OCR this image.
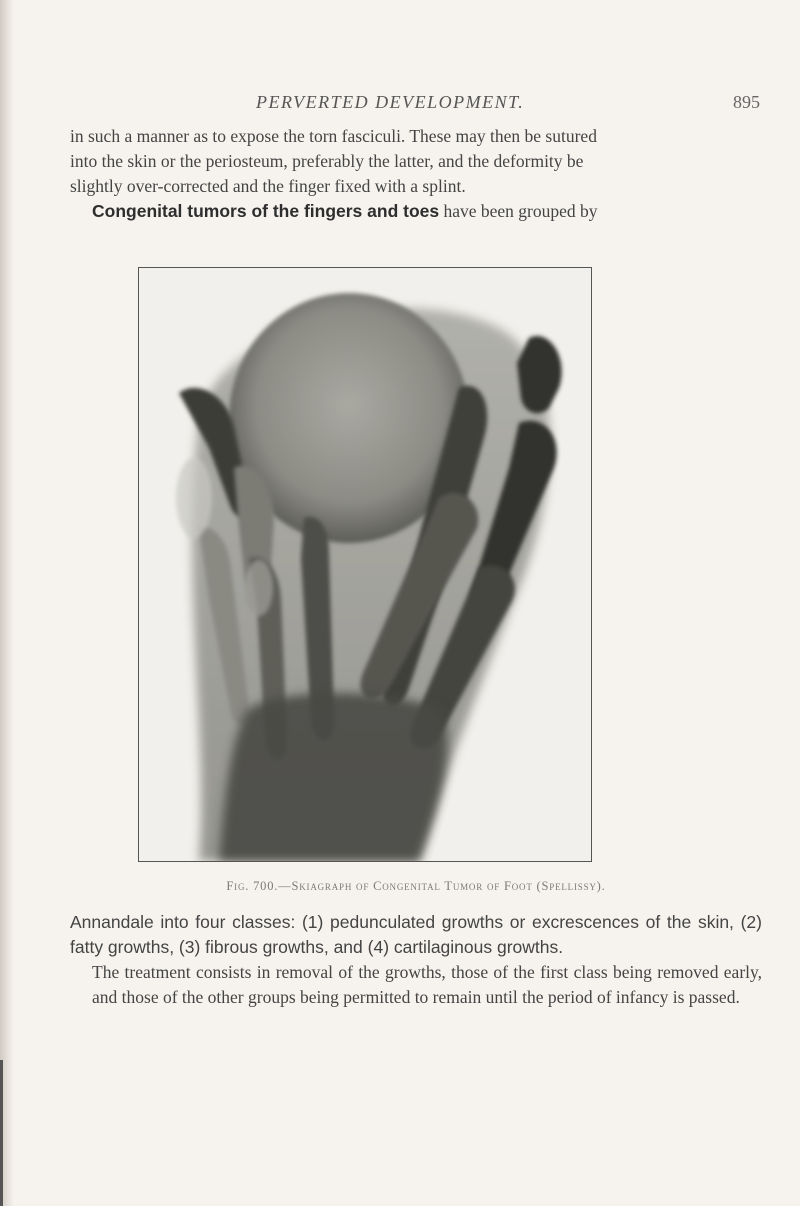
PERVERTED DEVELOPMENT.	895
in such a manner as to expose the torn fasciculi. These may then be sutured
into the skin or the periosteum, preferably the latter, and the deformity be
slightly over-corrected and the finger fixed with a splint.
Congenital tumors of the fingers and toes have been grouped by
Fig. 700.—Skiagraph of Congenital Tumor of Foot (Spellissy).
Annandale into four classes: (1) pedunculated growths or excrescences of the skin, (2) fatty growths, (3) fibrous growths, and (4) cartilaginous growths.
The treatment consists in removal of the growths, those of the first class being removed early, and those of the other groups being permitted to remain until the period of infancy is passed.
